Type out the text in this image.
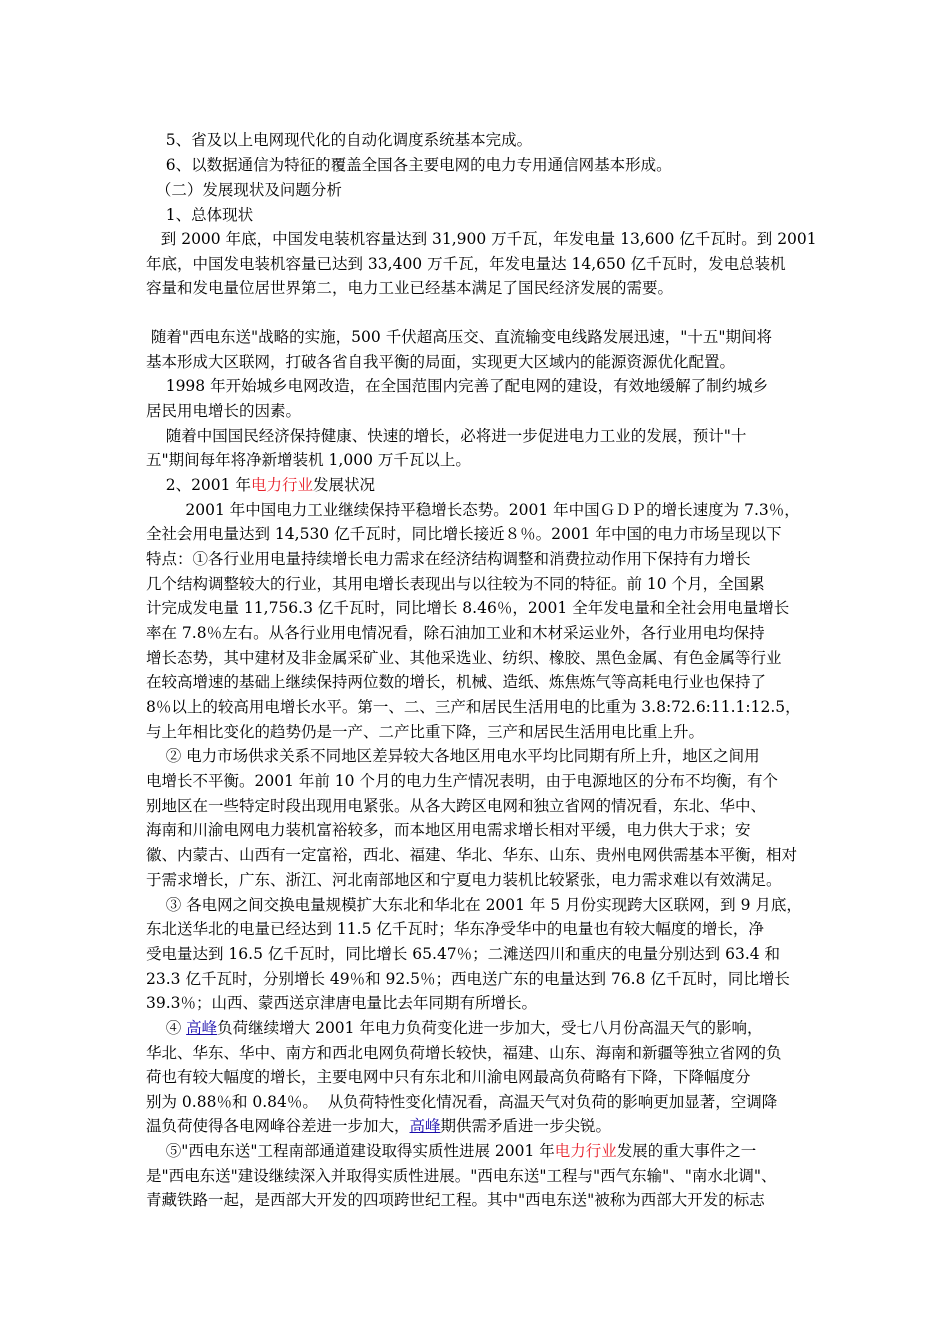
5、省及以上电网现代化的自动化调度系统基本完成。
6、以数据通信为特征的覆盖全国各主要电网的电力专用通信网基本形成。
（二）发展现状及问题分析
1、总体现状
到 2000 年底，中国发电装机容量达到 31,900 万千瓦，年发电量 13,600 亿千瓦时。到 2001
年底，中国发电装机容量已达到 33,400 万千瓦，年发电量达 14,650 亿千瓦时，发电总装机
容量和发电量位居世界第二，电力工业已经基本满足了国民经济发展的需要。
随着"西电东送"战略的实施，500 千伏超高压交、直流输变电线路发展迅速，"十五"期间将
基本形成大区联网，打破各省自我平衡的局面，实现更大区域内的能源资源优化配置。
1998 年开始城乡电网改造，在全国范围内完善了配电网的建设，有效地缓解了制约城乡
居民用电增长的因素。
随着中国国民经济保持健康、快速的增长，必将进一步促进电力工业的发展，预计"十
五"期间每年将净新增装机 1,000 万千瓦以上。
2、2001 年电力行业发展状况
2001 年中国电力工业继续保持平稳增长态势。2001 年中国ＧＤＰ的增长速度为 7.3％，
全社会用电量达到 14,530 亿千瓦时，同比增长接近８％。2001 年中国的电力市场呈现以下
特点：①各行业用电量持续增长电力需求在经济结构调整和消费拉动作用下保持有力增长
几个结构调整较大的行业，其用电增长表现出与以往较为不同的特征。前 10 个月，全国累
计完成发电量 11,756.3 亿千瓦时，同比增长 8.46％，2001 全年发电量和全社会用电量增长
率在 7.8％左右。从各行业用电情况看，除石油加工业和木材采运业外，各行业用电均保持
增长态势，其中建材及非金属采矿业、其他采选业、纺织、橡胶、黑色金属、有色金属等行业
在较高增速的基础上继续保持两位数的增长，机械、造纸、炼焦炼气等高耗电行业也保持了
8％以上的较高用电增长水平。第一、二、三产和居民生活用电的比重为 3.8:72.6:11.1:12.5，
与上年相比变化的趋势仍是一产、二产比重下降，三产和居民生活用电比重上升。
② 电力市场供求关系不同地区差异较大各地区用电水平均比同期有所上升，地区之间用
电增长不平衡。2001 年前 10 个月的电力生产情况表明，由于电源地区的分布不均衡，有个
别地区在一些特定时段出现用电紧张。从各大跨区电网和独立省网的情况看，东北、华中、
海南和川渝电网电力装机富裕较多，而本地区用电需求增长相对平缓，电力供大于求；安
徽、内蒙古、山西有一定富裕，西北、福建、华北、华东、山东、贵州电网供需基本平衡，相对
于需求增长，广东、浙江、河北南部地区和宁夏电力装机比较紧张，电力需求难以有效满足。
③ 各电网之间交换电量规模扩大东北和华北在 2001 年 5 月份实现跨大区联网，到 9 月底，
东北送华北的电量已经达到 11.5 亿千瓦时；华东净受华中的电量也有较大幅度的增长，净
受电量达到 16.5 亿千瓦时，同比增长 65.47％；二滩送四川和重庆的电量分别达到 63.4 和
23.3 亿千瓦时，分别增长 49％和 92.5％；西电送广东的电量达到 76.8 亿千瓦时，同比增长
39.3％；山西、蒙西送京津唐电量比去年同期有所增长。
④ 高峰负荷继续增大 2001 年电力负荷变化进一步加大，受七八月份高温天气的影响，
华北、华东、华中、南方和西北电网负荷增长较快，福建、山东、海南和新疆等独立省网的负
荷也有较大幅度的增长，主要电网中只有东北和川渝电网最高负荷略有下降，下降幅度分
别为 0.88％和 0.84％。  从负荷特性变化情况看，高温天气对负荷的影响更加显著，空调降
温负荷使得各电网峰谷差进一步加大，高峰期供需矛盾进一步尖锐。
⑤"西电东送"工程南部通道建设取得实质性进展 2001 年电力行业发展的重大事件之一
是"西电东送"建设继续深入并取得实质性进展。"西电东送"工程与"西气东输"、"南水北调"、
青藏铁路一起，是西部大开发的四项跨世纪工程。其中"西电东送"被称为西部大开发的标志
